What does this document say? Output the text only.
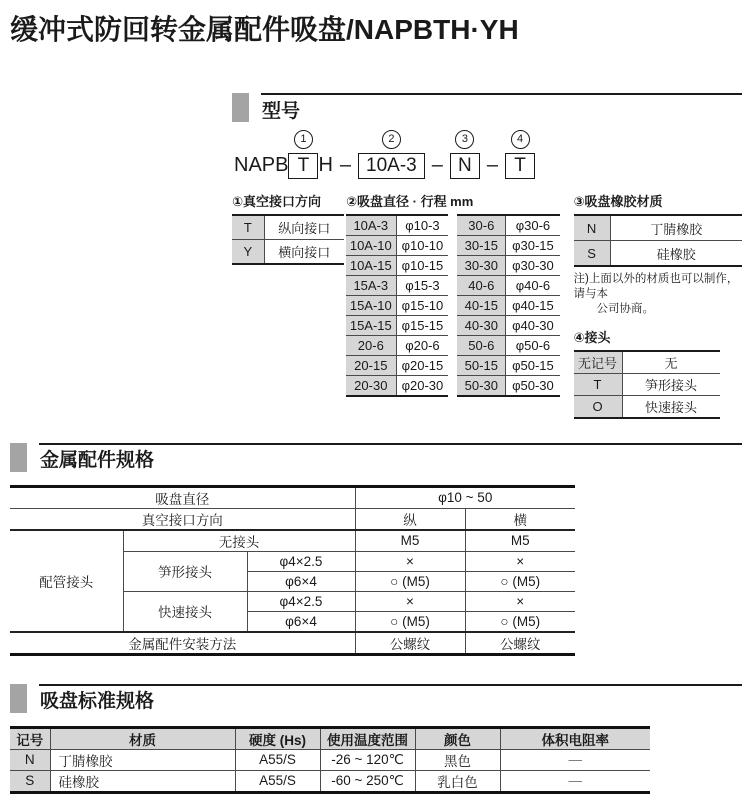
缓冲式防回转金属配件吸盘/NAPBTH·YH
型号
NAPB
1
T H –
2
10A-3 –
3
N –
4
T
①真空接口方向
T	纵向接口
Y	横向接口
②吸盘直径 · 行程 mm
10A-3	φ10-3
10A-10	φ10-10
10A-15	φ10-15
15A-3	φ15-3
15A-10	φ15-10
15A-15	φ15-15
20-6	φ20-6
20-15	φ20-15
20-30	φ20-30
30-6	φ30-6
30-15	φ30-15
30-30	φ30-30
40-6	φ40-6
40-15	φ40-15
40-30	φ40-30
50-6	φ50-6
50-15	φ50-15
50-30	φ50-30
③吸盘橡胶材质
N	丁腈橡胶
S	硅橡胶
注)上面以外的材质也可以制作，请与本
公司协商。
④接头
无记号	无
T	笋形接头
O	快速接头
金属配件规格
吸盘直径			φ10 ~ 50	
真空接口方向			纵	横
配管接头	无接头		M5	M5
	笋形接头	φ4×2.5	×	×
		φ6×4	○ (M5)	○ (M5)
	快速接头	φ4×2.5	×	×
		φ6×4	○ (M5)	○ (M5)
金属配件安装方法			公螺纹	公螺纹
吸盘标准规格
记号	材质	硬度 (Hs)	使用温度范围	颜色	体积电阻率
N	丁腈橡胶	A55/S	-26 ~ 120℃	黑色	—
S	硅橡胶	A55/S	-60 ~ 250℃	乳白色	—
